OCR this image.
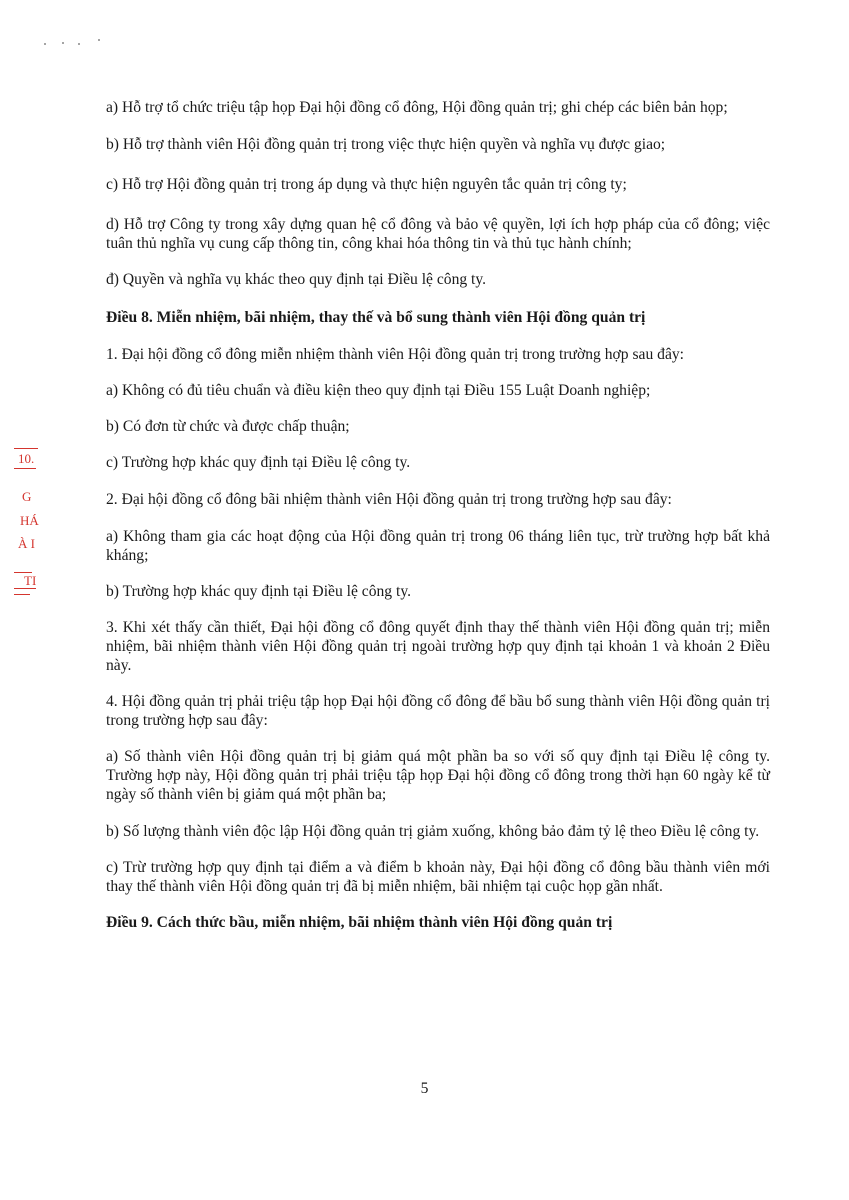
10.
G
HÁ
À I
TI

a) Hỗ trợ tổ chức triệu tập họp Đại hội đồng cổ đông, Hội đồng quản trị; ghi chép các biên bản họp;

b) Hỗ trợ thành viên Hội đồng quản trị trong việc thực hiện quyền và nghĩa vụ được giao;

c) Hỗ trợ Hội đồng quản trị trong áp dụng và thực hiện nguyên tắc quản trị công ty;

d) Hỗ trợ Công ty trong xây dựng quan hệ cổ đông và bảo vệ quyền, lợi ích hợp pháp của cổ đông; việc tuân thủ nghĩa vụ cung cấp thông tin, công khai hóa thông tin và thủ tục hành chính;

đ) Quyền và nghĩa vụ khác theo quy định tại Điều lệ công ty.

Điều 8. Miễn nhiệm, bãi nhiệm, thay thế và bổ sung thành viên Hội đồng quản trị

1. Đại hội đồng cổ đông miễn nhiệm thành viên Hội đồng quản trị trong trường hợp sau đây:

a) Không có đủ tiêu chuẩn và điều kiện theo quy định tại Điều 155 Luật Doanh nghiệp;

b) Có đơn từ chức và được chấp thuận;

c) Trường hợp khác quy định tại Điều lệ công ty.

2. Đại hội đồng cổ đông bãi nhiệm thành viên Hội đồng quản trị trong trường hợp sau đây:

a) Không tham gia các hoạt động của Hội đồng quản trị trong 06 tháng liên tục, trừ trường hợp bất khả kháng;

b) Trường hợp khác quy định tại Điều lệ công ty.

3. Khi xét thấy cần thiết, Đại hội đồng cổ đông quyết định thay thế thành viên Hội đồng quản trị; miễn nhiệm, bãi nhiệm thành viên Hội đồng quản trị ngoài trường hợp quy định tại khoản 1 và khoản 2 Điều này.

4. Hội đồng quản trị phải triệu tập họp Đại hội đồng cổ đông để bầu bổ sung thành viên Hội đồng quản trị trong trường hợp sau đây:

a) Số thành viên Hội đồng quản trị bị giảm quá một phần ba so với số quy định tại Điều lệ công ty. Trường hợp này, Hội đồng quản trị phải triệu tập họp Đại hội đồng cổ đông trong thời hạn 60 ngày kể từ ngày số thành viên bị giảm quá một phần ba;

b) Số lượng thành viên độc lập Hội đồng quản trị giảm xuống, không bảo đảm tỷ lệ theo Điều lệ công ty.

c) Trừ trường hợp quy định tại điểm a và điểm b khoản này, Đại hội đồng cổ đông bầu thành viên mới thay thế thành viên Hội đồng quản trị đã bị miễn nhiệm, bãi nhiệm tại cuộc họp gần nhất.

Điều 9. Cách thức bầu, miễn nhiệm, bãi nhiệm thành viên Hội đồng quản trị

5
